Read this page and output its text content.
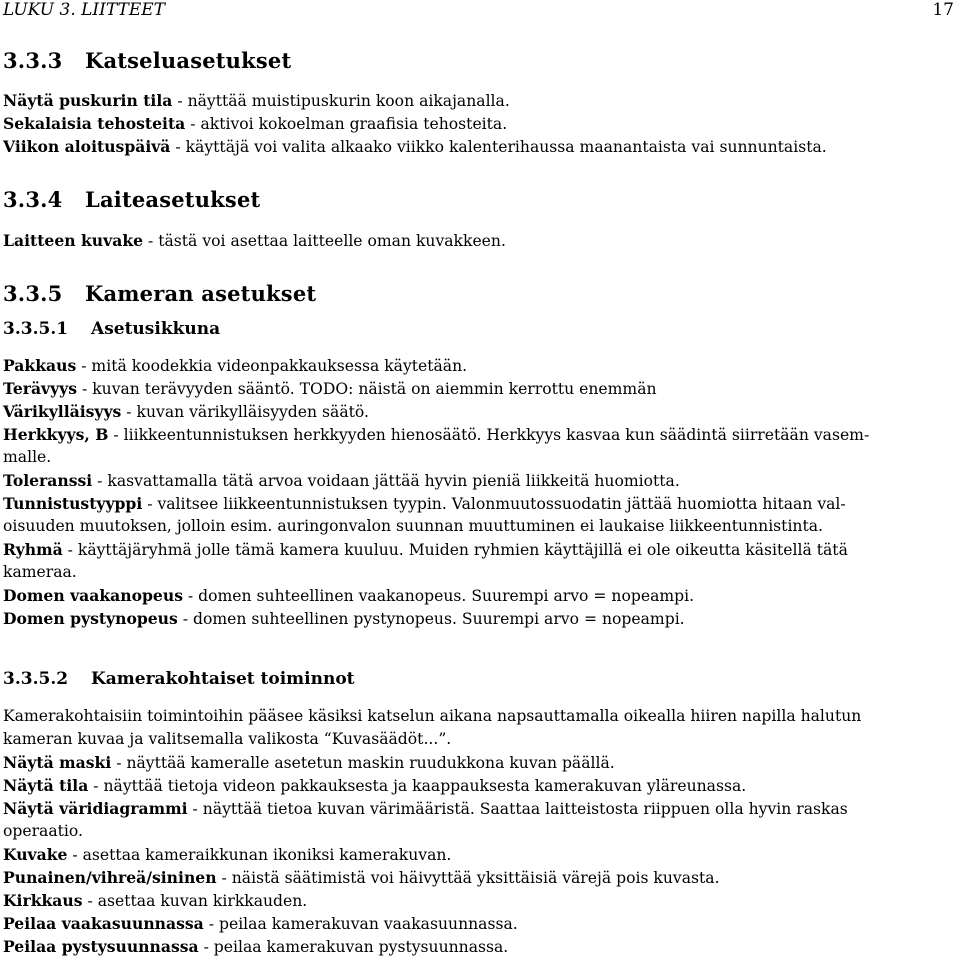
LUKU 3. LIITTEET	17
3.3.3 Katseluasetukset
Näytä puskurin tila - näyttää muistipuskurin koon aikajanalla.
Sekalaisia tehosteita - aktivoi kokoelman graafisia tehosteita.
Viikon aloituspäivä - käyttäjä voi valita alkaako viikko kalenterihaussa maanantaista vai sunnuntaista.
3.3.4 Laiteasetukset
Laitteen kuvake - tästä voi asettaa laitteelle oman kuvakkeen.
3.3.5 Kameran asetukset
3.3.5.1 Asetusikkuna
Pakkaus - mitä koodekkia videonpakkauksessa käytetään.
Terävyys - kuvan terävyyden sääntö. TODO: näistä on aiemmin kerrottu enemmän
Värikylläisyys - kuvan värikylläisyyden säätö.
Herkkyys, B - liikkeentunnistuksen herkkyyden hienosäätö. Herkkyys kasvaa kun säädintä siirretään vasem-
malle.
Toleranssi - kasvattamalla tätä arvoa voidaan jättää hyvin pieniä liikkeitä huomiotta.
Tunnistustyyppi - valitsee liikkeentunnistuksen tyypin. Valonmuutossuodatin jättää huomiotta hitaan val-
oisuuden muutoksen, jolloin esim. auringonvalon suunnan muuttuminen ei laukaise liikkeentunnistinta.
Ryhmä - käyttäjäryhmä jolle tämä kamera kuuluu. Muiden ryhmien käyttäjillä ei ole oikeutta käsitellä tätä
kameraa.
Domen vaakanopeus - domen suhteellinen vaakanopeus. Suurempi arvo = nopeampi.
Domen pystynopeus - domen suhteellinen pystynopeus. Suurempi arvo = nopeampi.
3.3.5.2 Kamerakohtaiset toiminnot
Kamerakohtaisiin toimintoihin pääsee käsiksi katselun aikana napsauttamalla oikealla hiiren napilla halutun
kameran kuvaa ja valitsemalla valikosta “Kuvasäädöt...”.
Näytä maski - näyttää kameralle asetetun maskin ruudukkona kuvan päällä.
Näytä tila - näyttää tietoja videon pakkauksesta ja kaappauksesta kamerakuvan yläreunassa.
Näytä väridiagrammi - näyttää tietoa kuvan värimääristä. Saattaa laitteistosta riippuen olla hyvin raskas
operaatio.
Kuvake - asettaa kameraikkunan ikoniksi kamerakuvan.
Punainen/vihreä/sininen - näistä säätimistä voi häivyttää yksittäisiä värejä pois kuvasta.
Kirkkaus - asettaa kuvan kirkkauden.
Peilaa vaakasuunnassa - peilaa kamerakuvan vaakasuunnassa.
Peilaa pystysuunnassa - peilaa kamerakuvan pystysuunnassa.
